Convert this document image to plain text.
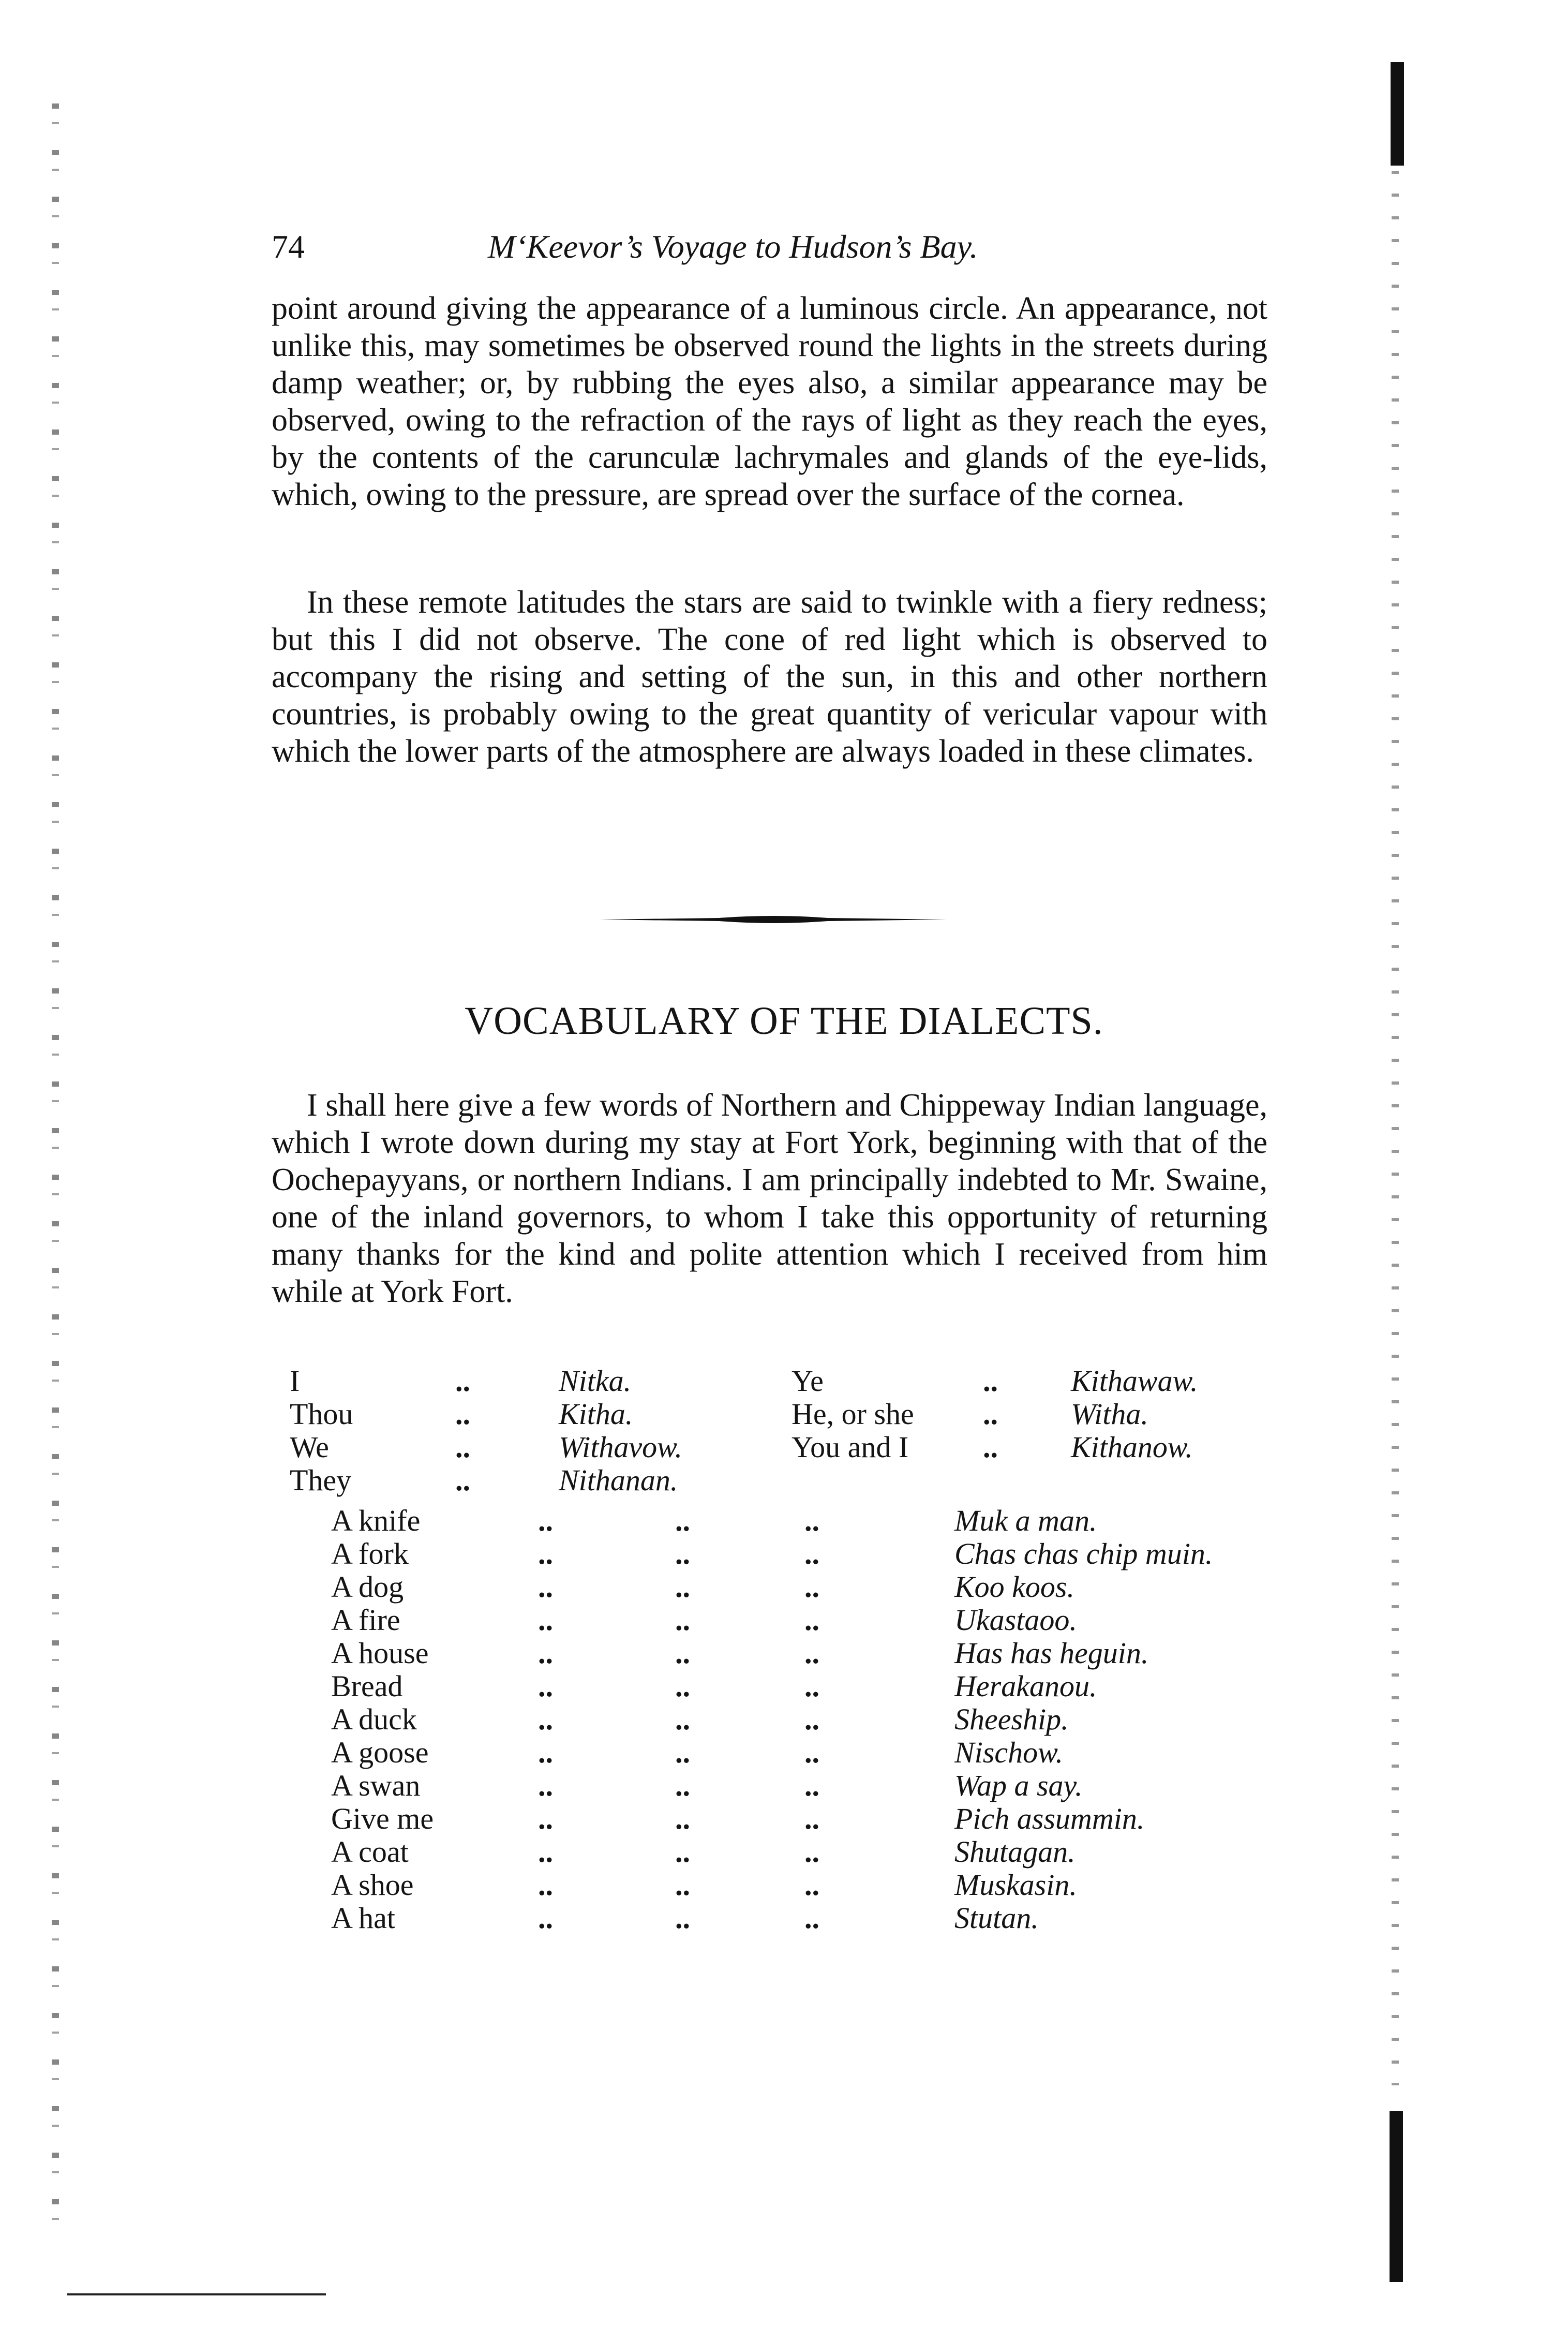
74	M‘Keevor’s Voyage to Hudson’s Bay.

point around giving the appearance of a luminous circle. An appearance, not unlike this, may sometimes be observed round the lights in the streets during damp weather; or, by rubbing the eyes also, a similar appearance may be observed, owing to the refraction of the rays of light as they reach the eyes, by the contents of the carunculæ lachrymales and glands of the eye-lids, which, owing to the pressure, are spread over the surface of the cornea.

In these remote latitudes the stars are said to twinkle with a fiery redness; but this I did not observe. The cone of red light which is observed to accompany the rising and setting of the sun, in this and other northern countries, is probably owing to the great quantity of vericular vapour with which the lower parts of the atmosphere are always loaded in these climates.

VOCABULARY OF THE DIALECTS.

I shall here give a few words of Northern and Chippeway Indian language, which I wrote down during my stay at Fort York, beginning with that of the Oochepayyans, or northern Indians. I am principally indebted to Mr. Swaine, one of the inland governors, to whom I take this opportunity of returning many thanks for the kind and polite attention which I received from him while at York Fort.

I	..	Nitka.	Ye	.. Kithawaw.
Thou	..	Kitha.	He, or she .. Witha.
We	..	Withavow.	You and I .. Kithanow.
They	..	Nithanan.
A knife	..	..	..	Muk a man.
A fork	..	..	..	Chas chas chip muin.
A dog	..	..	..	Koo koos.
A fire	..	..	..	Ukastaoo.
A house	..	..	..	Has has heguin.
Bread	..	..	..	Herakanou.
A duck	..	..	..	Sheeship.
A goose	..	..	..	Nischow.
A swan	..	..	..	Wap a say.
Give me	..	..	..	Pich assummin.
A coat	..	..	..	Shutagan.
A shoe	..	..	..	Muskasin.
A hat	..	..	..	Stutan.
